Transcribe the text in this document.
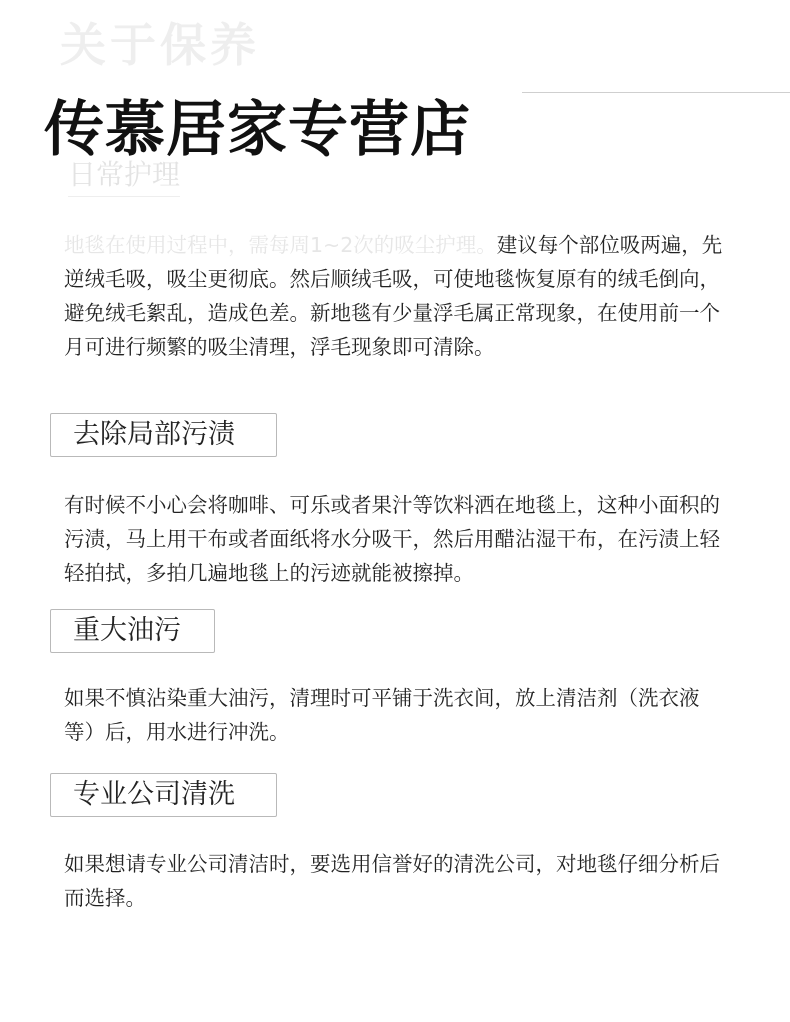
关于保养
日常护理
传慕居家专营店

地毯在使用过程中，需每周1~2次的吸尘护理。建议每个部位吸两遍，先逆绒毛吸，吸尘更彻底。然后顺绒毛吸，可使地毯恢复原有的绒毛倒向，避免绒毛絮乱，造成色差。新地毯有少量浮毛属正常现象，在使用前一个月可进行频繁的吸尘清理，浮毛现象即可清除。

去除局部污渍

有时候不小心会将咖啡、可乐或者果汁等饮料洒在地毯上，这种小面积的污渍，马上用干布或者面纸将水分吸干，然后用醋沾湿干布，在污渍上轻轻拍拭，多拍几遍地毯上的污迹就能被擦掉。

重大油污

如果不慎沾染重大油污，清理时可平铺于洗衣间，放上清洁剂（洗衣液等）后，用水进行冲洗。

专业公司清洗

如果想请专业公司清洁时，要选用信誉好的清洗公司，对地毯仔细分析后而选择。
